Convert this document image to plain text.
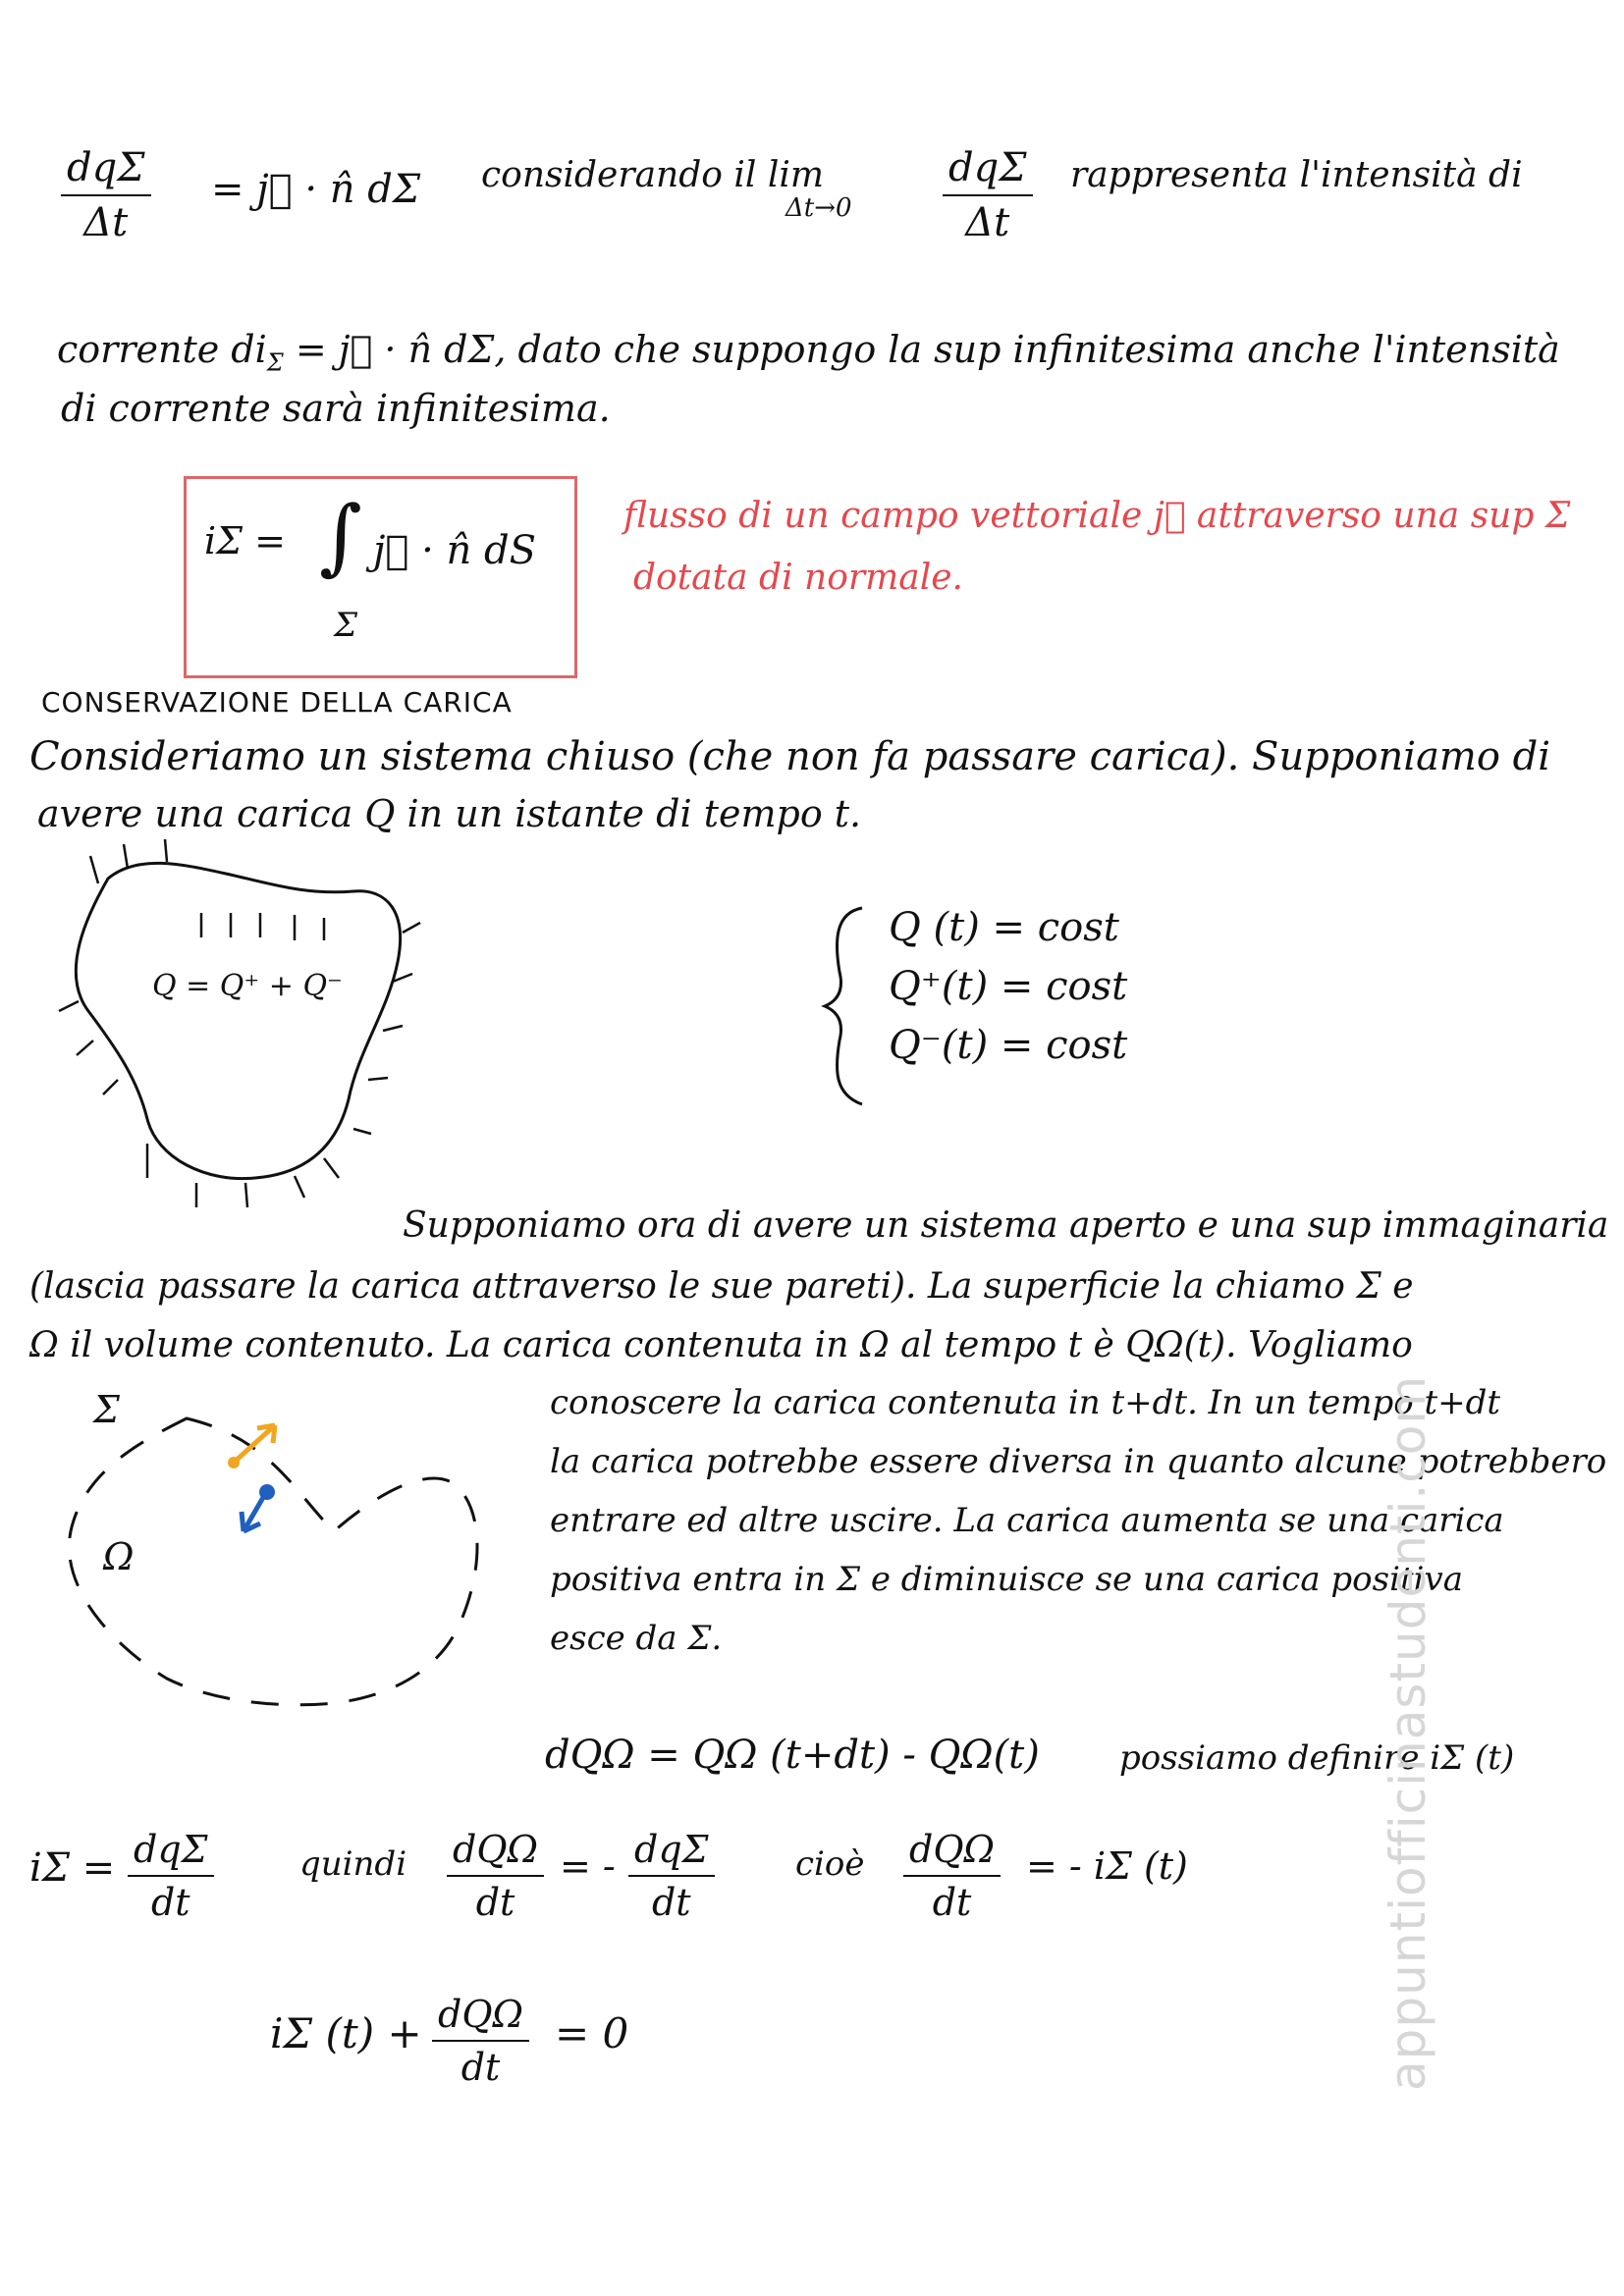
dqΣ
Δt
= j⃗ · n̂ dΣ considerando il lim
Δt→0
dqΣ
Δt
rappresenta l'intensità di
corrente $di_\Sigma$ = j⃗ · n̂ dΣ, dato che suppongo la sup infinitesima anche l'intensità
di corrente sarà infinitesima.
iΣ = ∫ j⃗ · n̂ dS
Σ
flusso di un campo vettoriale j⃗ attraverso una sup Σ
dotata di normale.
CONSERVAZIONE DELLA CARICA
Consideriamo un sistema chiuso (che non fa passare carica). Supponiamo di
avere una carica Q in un istante di tempo t.
Q = Q⁺ + Q⁻
Q (t) = cost
Q⁺(t) = cost
Q⁻(t) = cost
Supponiamo ora di avere un sistema aperto e una sup immaginaria
(lascia passare la carica attraverso le sue pareti). La superficie la chiamo Σ e
Ω il volume contenuto. La carica contenuta in Ω al tempo t è QΩ(t). Vogliamo
conoscere la carica contenuta in t+dt. In un tempo t+dt
la carica potrebbe essere diversa in quanto alcune potrebbero
entrare ed altre uscire. La carica aumenta se una carica
positiva entra in Σ e diminuisce se una carica positiva
esce da Σ.
Σ
Ω
dQΩ = QΩ (t+dt) - QΩ(t) possiamo definire iΣ (t)
iΣ = dqΣ
dt
quindi dQΩ
dt
= - dqΣ
dt
cioè dQΩ
dt
= - iΣ (t)
iΣ (t) + dQΩ
dt
= 0	appuntiofficinastudenti.com
